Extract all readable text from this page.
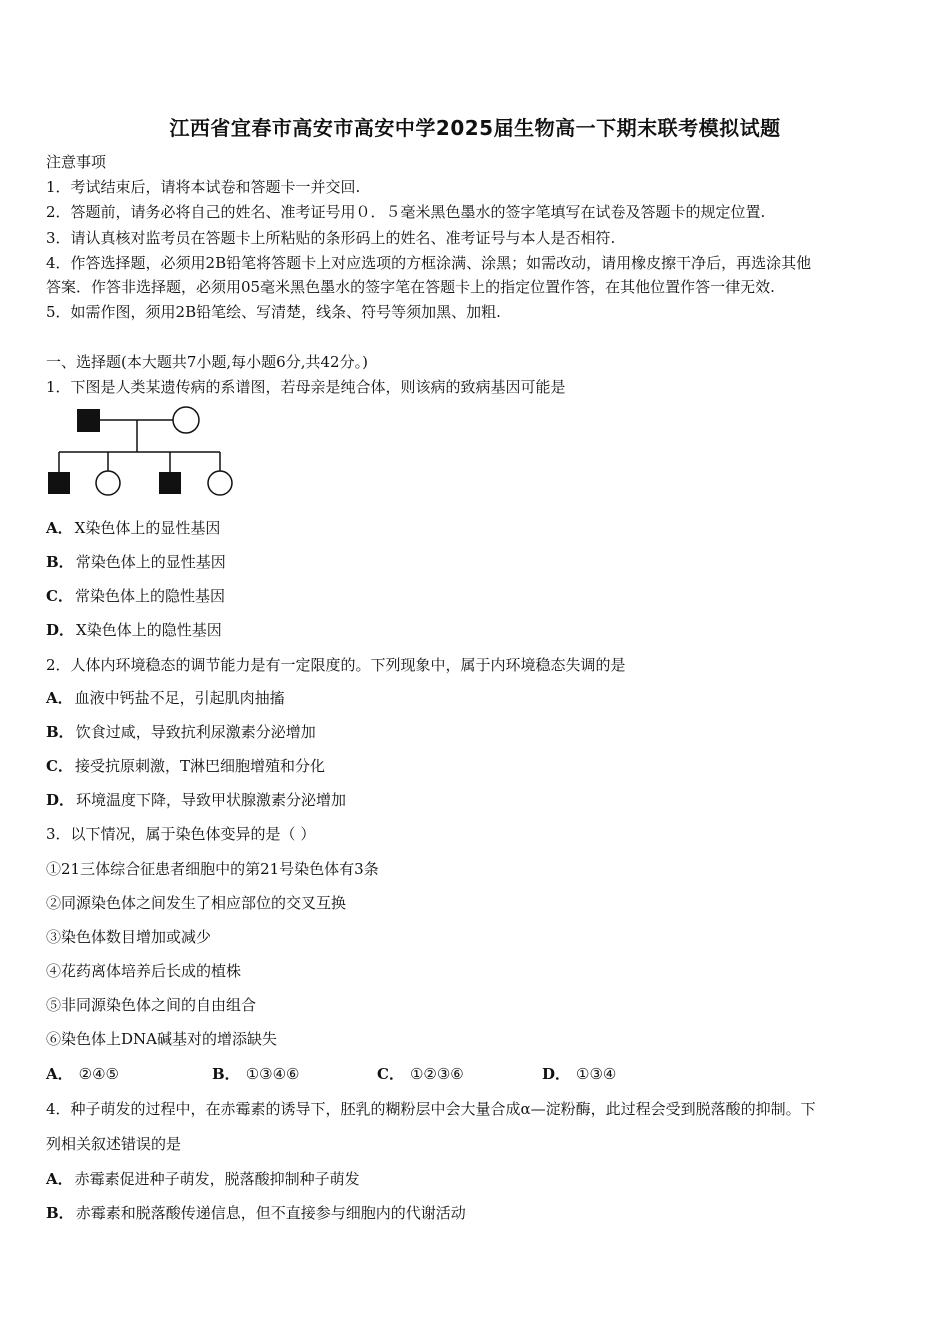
江西省宜春市高安市高安中学2025届生物高一下期末联考模拟试题
注意事项
1．考试结束后，请将本试卷和答题卡一并交回.
2．答题前，请务必将自己的姓名、准考证号用０．５毫米黑色墨水的签字笔填写在试卷及答题卡的规定位置.
3．请认真核对监考员在答题卡上所粘贴的条形码上的姓名、准考证号与本人是否相符.
4．作答选择题，必须用2B铅笔将答题卡上对应选项的方框涂满、涂黑；如需改动，请用橡皮擦干净后，再选涂其他
答案．作答非选择题，必须用05毫米黑色墨水的签字笔在答题卡上的指定位置作答，在其他位置作答一律无效.
5．如需作图，须用2B铅笔绘、写清楚，线条、符号等须加黑、加粗.
一、选择题(本大题共7小题,每小题6分,共42分。)
1．下图是人类某遗传病的系谱图，若母亲是纯合体，则该病的致病基因可能是
A． X染色体上的显性基因
B． 常染色体上的显性基因
C． 常染色体上的隐性基因
D． X染色体上的隐性基因
2．人体内环境稳态的调节能力是有一定限度的。下列现象中，属于内环境稳态失调的是
A． 血液中钙盐不足，引起肌肉抽搐
B． 饮食过咸，导致抗利尿激素分泌增加
C． 接受抗原刺激，T淋巴细胞增殖和分化
D． 环境温度下降，导致甲状腺激素分泌增加
3．以下情况，属于染色体变异的是（ ）
①21三体综合征患者细胞中的第21号染色体有3条
②同源染色体之间发生了相应部位的交叉互换
③染色体数目增加或减少
④花药离体培养后长成的植株
⑤非同源染色体之间的自由组合
⑥染色体上DNA碱基对的增添缺失
A． ②④⑤	B． ①③④⑥	C． ①②③⑥	D． ①③④
4．种子萌发的过程中，在赤霉素的诱导下，胚乳的糊粉层中会大量合成α—淀粉酶，此过程会受到脱落酸的抑制。下
列相关叙述错误的是
A． 赤霉素促进种子萌发，脱落酸抑制种子萌发
B． 赤霉素和脱落酸传递信息，但不直接参与细胞内的代谢活动
